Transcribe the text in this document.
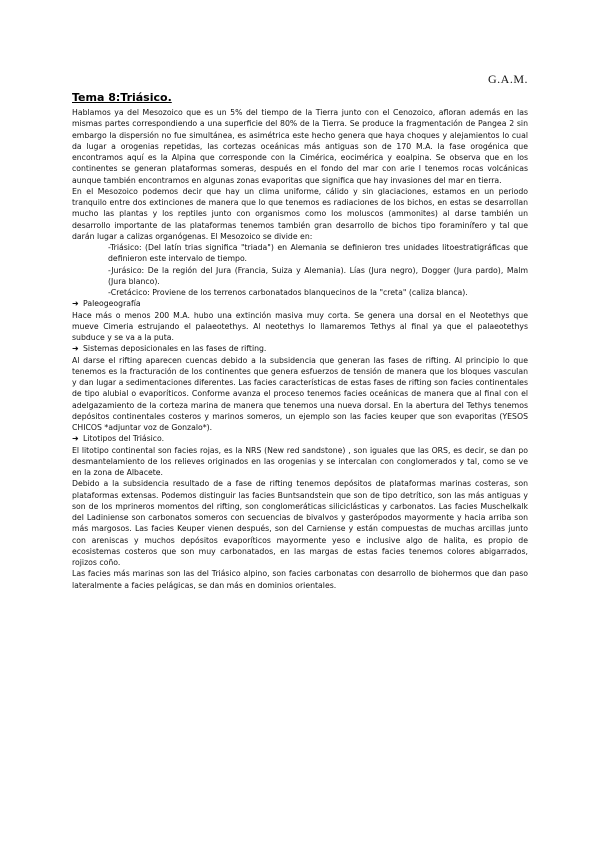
G.A.M.
Tema 8:Triásico.

Hablamos ya del Mesozoico que es un 5% del tiempo de la Tierra junto con el Cenozoico, afloran además en las mismas partes correspondiendo a una superficie del 80% de la Tierra. Se produce la fragmentación de Pangea 2 sin embargo la dispersión no fue simultánea, es asimétrica este hecho genera que haya choques y alejamientos lo cual da lugar a orogenias repetidas, las cortezas oceánicas más antiguas son de 170 M.A. la fase orogénica que encontramos aquí es la Alpina que corresponde con la Cimérica, eocimérica y eoalpina. Se observa que en los continentes se generan plataformas someras, después en el fondo del mar con arie l tenemos rocas volcánicas aunque también encontramos en algunas zonas evaporitas que significa que hay invasiones del mar en tierra.

En el Mesozoico podemos decir que hay un clima uniforme, cálido y sin glaciaciones, estamos en un periodo tranquilo entre dos extinciones de manera que lo que tenemos es radiaciones de los bichos, en estas se desarrollan mucho las plantas y los reptiles junto con organismos como los moluscos (ammonites) al darse también un desarrollo importante de las plataformas tenemos también gran desarrollo de bichos tipo foraminífero y tal que darán lugar a calizas organógenas. El Mesozoico se divide en:

-Triásico: (Del latín trias significa "triada") en Alemania se definieron tres unidades litoestratigráficas que definieron este intervalo de tiempo.

-Jurásico: De la región del Jura (Francia, Suiza y Alemania). Lías (Jura negro), Dogger (Jura pardo), Malm (Jura blanco).

-Cretácico: Proviene de los terrenos carbonatados blanquecinos de la "creta" (caliza blanca).

➜ Paleogeografía

Hace más o menos 200 M.A. hubo una extinción masiva muy corta. Se genera una dorsal en el Neotethys que mueve Cimeria estrujando el palaeotethys. Al neotethys lo llamaremos Tethys al final ya que el palaeotethys subduce y se va a la puta.

➜ Sistemas deposicionales en las fases de rifting.

Al darse el rifting aparecen cuencas debido a la subsidencia que generan las fases de rifting. Al principio lo que tenemos es la fracturación de los continentes que genera esfuerzos de tensión de manera que los bloques vasculan y dan lugar a sedimentaciones diferentes. Las facies características de estas fases de rifting son facies continentales de tipo alubial o evaporíticos. Conforme avanza el proceso tenemos facies oceánicas de manera que al final con el adelgazamiento de la corteza marina de manera que tenemos una nueva dorsal. En la abertura del Tethys tenemos depósitos continentales costeros y marinos someros, un ejemplo son las facies keuper que son evaporitas (YESOS CHICOS *adjuntar voz de Gonzalo*).

➜ Litotipos del Triásico.

El litotipo continental son facies rojas, es la NRS (New red sandstone) , son iguales que las ORS, es decir, se dan po desmantelamiento de los relieves originados en las orogenias y se intercalan con conglomerados y tal, como se ve en la zona de Albacete.

Debido a la subsidencia resultado de a fase de rifting tenemos depósitos de plataformas marinas costeras, son plataformas extensas. Podemos distinguir las facies Buntsandstein que son de tipo detrítico, son las más antiguas y son de los mprineros momentos del rifting, son conglomeráticas siliciclásticas y carbonatos. Las facies Muschelkalk del Ladiniense son carbonatos someros con secuencias de bivalvos y gasterópodos mayormente y hacia arriba son más margosos. Las facies Keuper vienen después, son del Carniense y están compuestas de muchas arcillas junto con areniscas y muchos depósitos evaporíticos mayormente yeso e inclusive algo de halita, es propio de ecosistemas costeros que son muy carbonatados, en las margas de estas facies tenemos colores abigarrados, rojizos coño.

Las facies más marinas son las del Triásico alpino, son facies carbonatas con desarrollo de biohermos que dan paso lateralmente a facies pelágicas, se dan más en dominios orientales.
